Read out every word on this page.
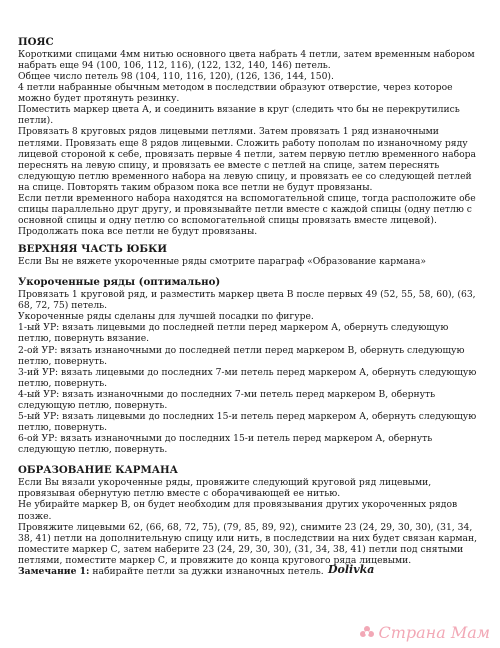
ПОЯС

Короткими спицами 4мм нитью основного цвета набрать 4 петли, затем временным набором набрать еще 94 (100, 106, 112, 116), (122, 132, 140, 146) петель.

Общее число петель 98 (104, 110, 116, 120), (126, 136, 144, 150).

4 петли набранные обычным методом в последствии образуют отверстие, через которое можно будет протянуть резинку.

Поместить маркер цвета А, и соединить вязание в круг (следить что бы не перекрутились петли).

Провязать 8 круговых рядов лицевыми петлями. Затем провязать 1 ряд изнаночными петлями. Провязать еще 8 рядов лицевыми. Сложить работу пополам по изнаночному ряду лицевой стороной к себе, провязать первые 4 петли, затем первую петлю временного набора переснять на левую спицу, и провязать ее вместе с петлей на спице, затем переснять следующую петлю временного набора на левую спицу, и провязать ее со следующей петлей на спице. Повторять таким образом пока все петли не будут провязаны.

Если петли временного набора находятся на вспомогательной спице, тогда расположите обе спицы параллельно друг другу, и провязывайте петли вместе с каждой спицы (одну петлю с основной спицы и одну петлю со вспомогательной спицы провязать вместе лицевой). Продолжать пока все петли не будут провязаны.

ВЕРХНЯЯ ЧАСТЬ ЮБКИ

Если Вы не вяжете укороченные ряды смотрите параграф «Образование кармана»

Укороченные ряды (оптимально)

Провязать 1 круговой ряд, и разместить маркер цвета В после первых 49 (52, 55, 58, 60), (63, 68, 72, 75) петель.

Укороченные ряды сделаны для лучшей посадки по фигуре.

1-ый УР: вязать лицевыми до последней петли перед маркером А, обернуть следующую петлю, повернуть вязание.

2-ой УР: вязать изнаночными до последней петли перед маркером В, обернуть следующую петлю, повернуть.

3-ий УР: вязать лицевыми до последних 7-ми петель перед маркером А, обернуть следующую петлю, повернуть.

4-ый УР: вязать изнаночными до последних 7-ми петель перед маркером В, обернуть следующую петлю, повернуть.

5-ый УР: вязать лицевыми до последних 15-и петель перед маркером А, обернуть следующую петлю, повернуть.

6-ой УР: вязать изнаночными до последних 15-и петель перед маркером А, обернуть следующую петлю, повернуть.

ОБРАЗОВАНИЕ КАРМАНА

Если Вы вязали укороченные ряды, провяжите следующий круговой ряд лицевыми, провязывая обернутую петлю вместе с оборачивающей ее нитью.

Не убирайте маркер В, он будет необходим для провязывания других укороченных рядов позже.

Провяжите лицевыми 62, (66, 68, 72, 75), (79, 85, 89, 92), снимите 23 (24, 29, 30, 30), (31, 34, 38, 41) петли на дополнительную спицу или нить, в последствии на них будет связан карман, поместите маркер С, затем наберите 23 (24, 29, 30, 30), (31, 34, 38, 41) петли под снятыми петлями, поместите маркер С, и провяжите до конца кругового ряда лицевыми.

Замечание 1: набирайте петли за дужки изнаночных петель. Dolivka
Страна Мам
